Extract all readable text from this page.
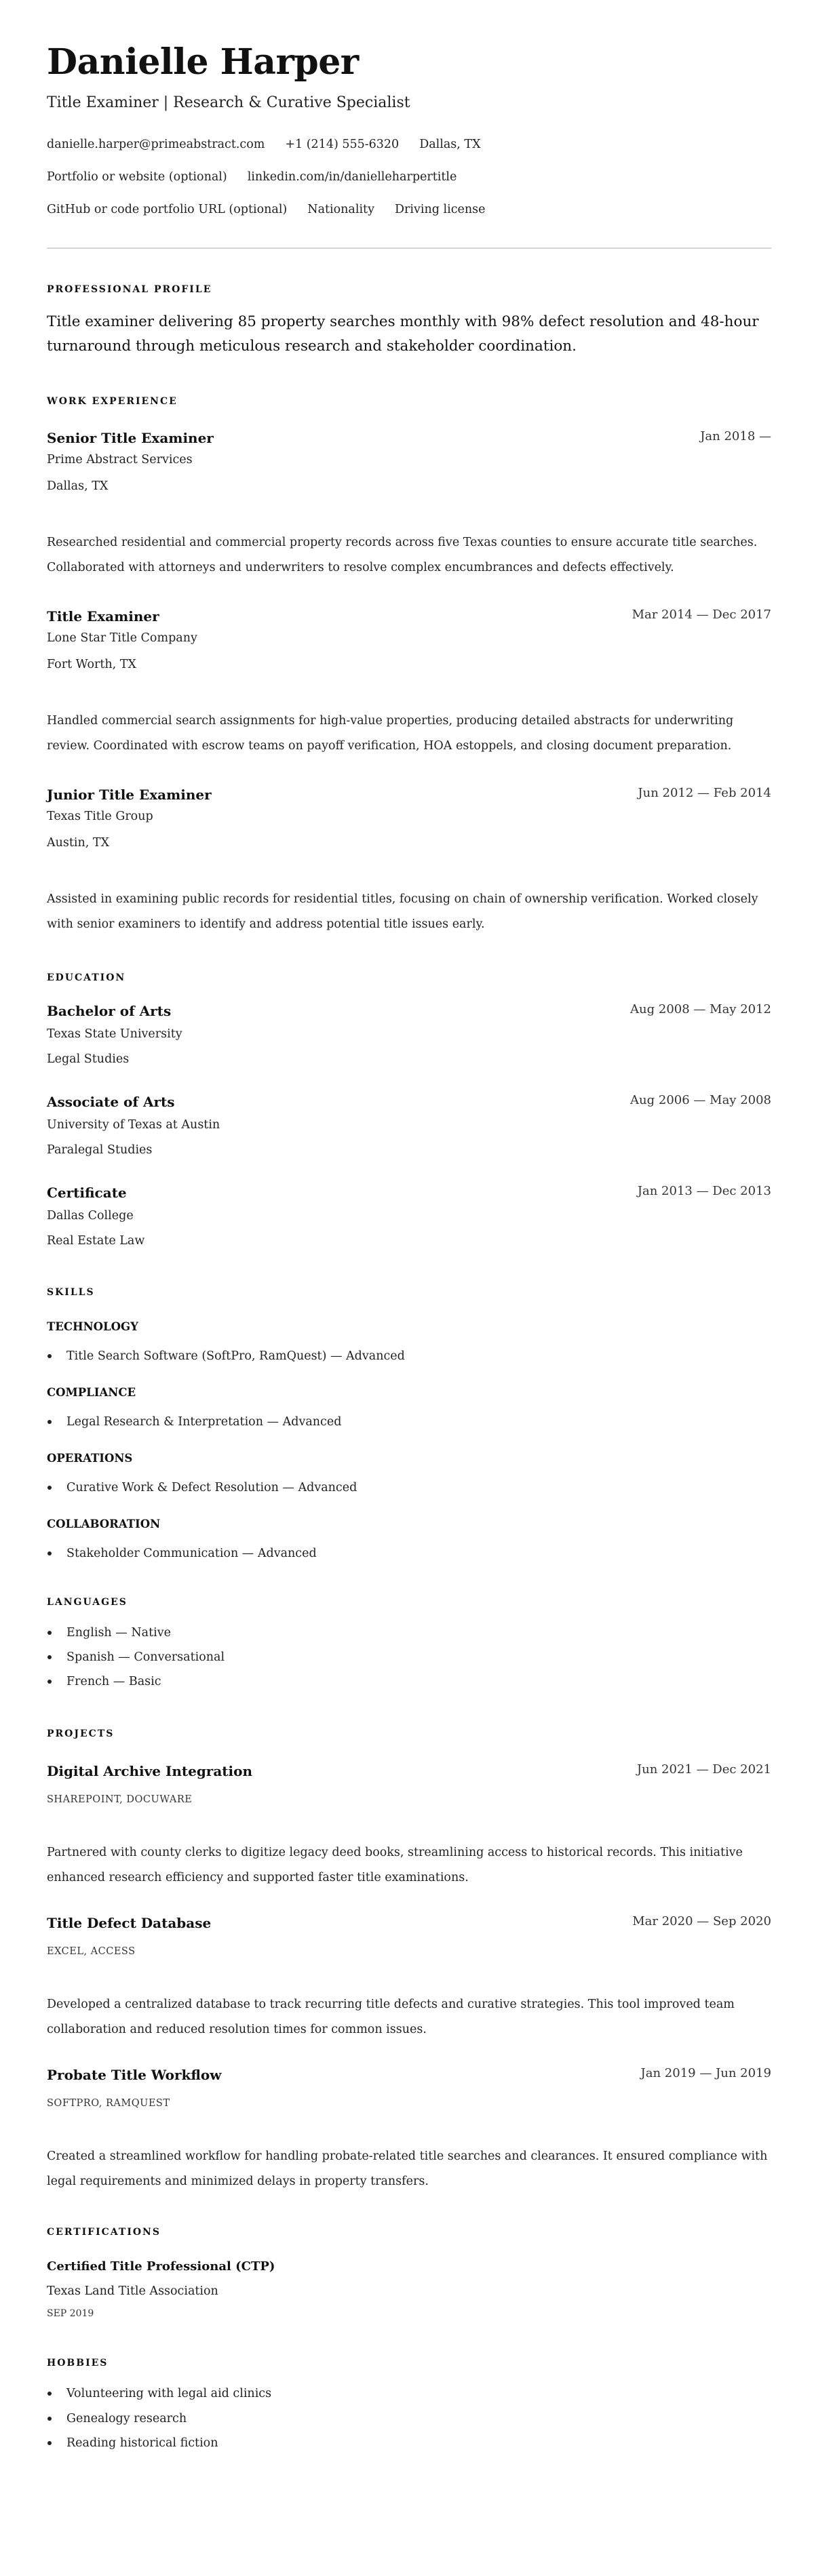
Danielle Harper
Title Examiner | Research & Curative Specialist
danielle.harper@primeabstract.com +1 (214) 555-6320 Dallas, TX
Portfolio or website (optional) linkedin.com/in/danielleharpertitle
GitHub or code portfolio URL (optional) Nationality Driving license
PROFESSIONAL PROFILE

Title examiner delivering 85 property searches monthly with 98% defect resolution and 48-hour turnaround through meticulous research and stakeholder coordination.

WORK EXPERIENCE
Senior Title Examiner	Jan 2018 —
Prime Abstract Services
Dallas, TX

Researched residential and commercial property records across five Texas counties to ensure accurate title searches. Collaborated with attorneys and underwriters to resolve complex encumbrances and defects effectively.

Title Examiner	Mar 2014 — Dec 2017
Lone Star Title Company
Fort Worth, TX

Handled commercial search assignments for high-value properties, producing detailed abstracts for underwriting review. Coordinated with escrow teams on payoff verification, HOA estoppels, and closing document preparation.

Junior Title Examiner	Jun 2012 — Feb 2014
Texas Title Group
Austin, TX

Assisted in examining public records for residential titles, focusing on chain of ownership verification. Worked closely with senior examiners to identify and address potential title issues early.

EDUCATION
Bachelor of Arts	Aug 2008 — May 2012
Texas State University
Legal Studies
Associate of Arts	Aug 2006 — May 2008
University of Texas at Austin
Paralegal Studies
Certificate	Jan 2013 — Dec 2013
Dallas College
Real Estate Law
SKILLS
TECHNOLOGY
Title Search Software (SoftPro, RamQuest) — Advanced
COMPLIANCE
Legal Research & Interpretation — Advanced
OPERATIONS
Curative Work & Defect Resolution — Advanced
COLLABORATION
Stakeholder Communication — Advanced
LANGUAGES
English — Native
Spanish — Conversational
French — Basic
PROJECTS
Digital Archive Integration	Jun 2021 — Dec 2021
SHAREPOINT, DOCUWARE

Partnered with county clerks to digitize legacy deed books, streamlining access to historical records. This initiative enhanced research efficiency and supported faster title examinations.

Title Defect Database	Mar 2020 — Sep 2020
EXCEL, ACCESS

Developed a centralized database to track recurring title defects and curative strategies. This tool improved team collaboration and reduced resolution times for common issues.

Probate Title Workflow	Jan 2019 — Jun 2019
SOFTPRO, RAMQUEST

Created a streamlined workflow for handling probate-related title searches and clearances. It ensured compliance with legal requirements and minimized delays in property transfers.

CERTIFICATIONS
Certified Title Professional (CTP)
Texas Land Title Association
SEP 2019
HOBBIES
Volunteering with legal aid clinics
Genealogy research
Reading historical fiction
